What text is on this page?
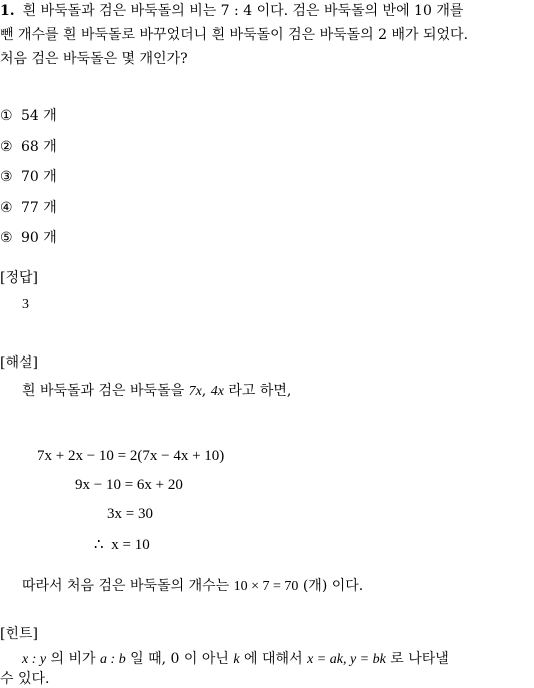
1. 흰 바둑돌과 검은 바둑돌의 비는 7 : 4 이다. 검은 바둑돌의 반에 10 개를
뺀 개수를 흰 바둑돌로 바꾸었더니 흰 바둑돌이 검은 바둑돌의 2 배가 되었다.
처음 검은 바둑돌은 몇 개인가?
① 54 개
② 68 개
③ 70 개
④ 77 개
⑤ 90 개
[정답]
3
[해설]
흰 바둑돌과 검은 바둑돌을 7x, 4x 라고 하면,
7x + 2x − 10 = 2(7x − 4x + 10)
9x − 10 = 6x + 20
3x = 30
∴ x = 10
따라서 처음 검은 바둑돌의 개수는 10 × 7 = 70 (개) 이다.
[힌트]
x : y 의 비가 a : b 일 때, 0 이 아닌 k 에 대해서 x = ak, y = bk 로 나타낼
수 있다.
